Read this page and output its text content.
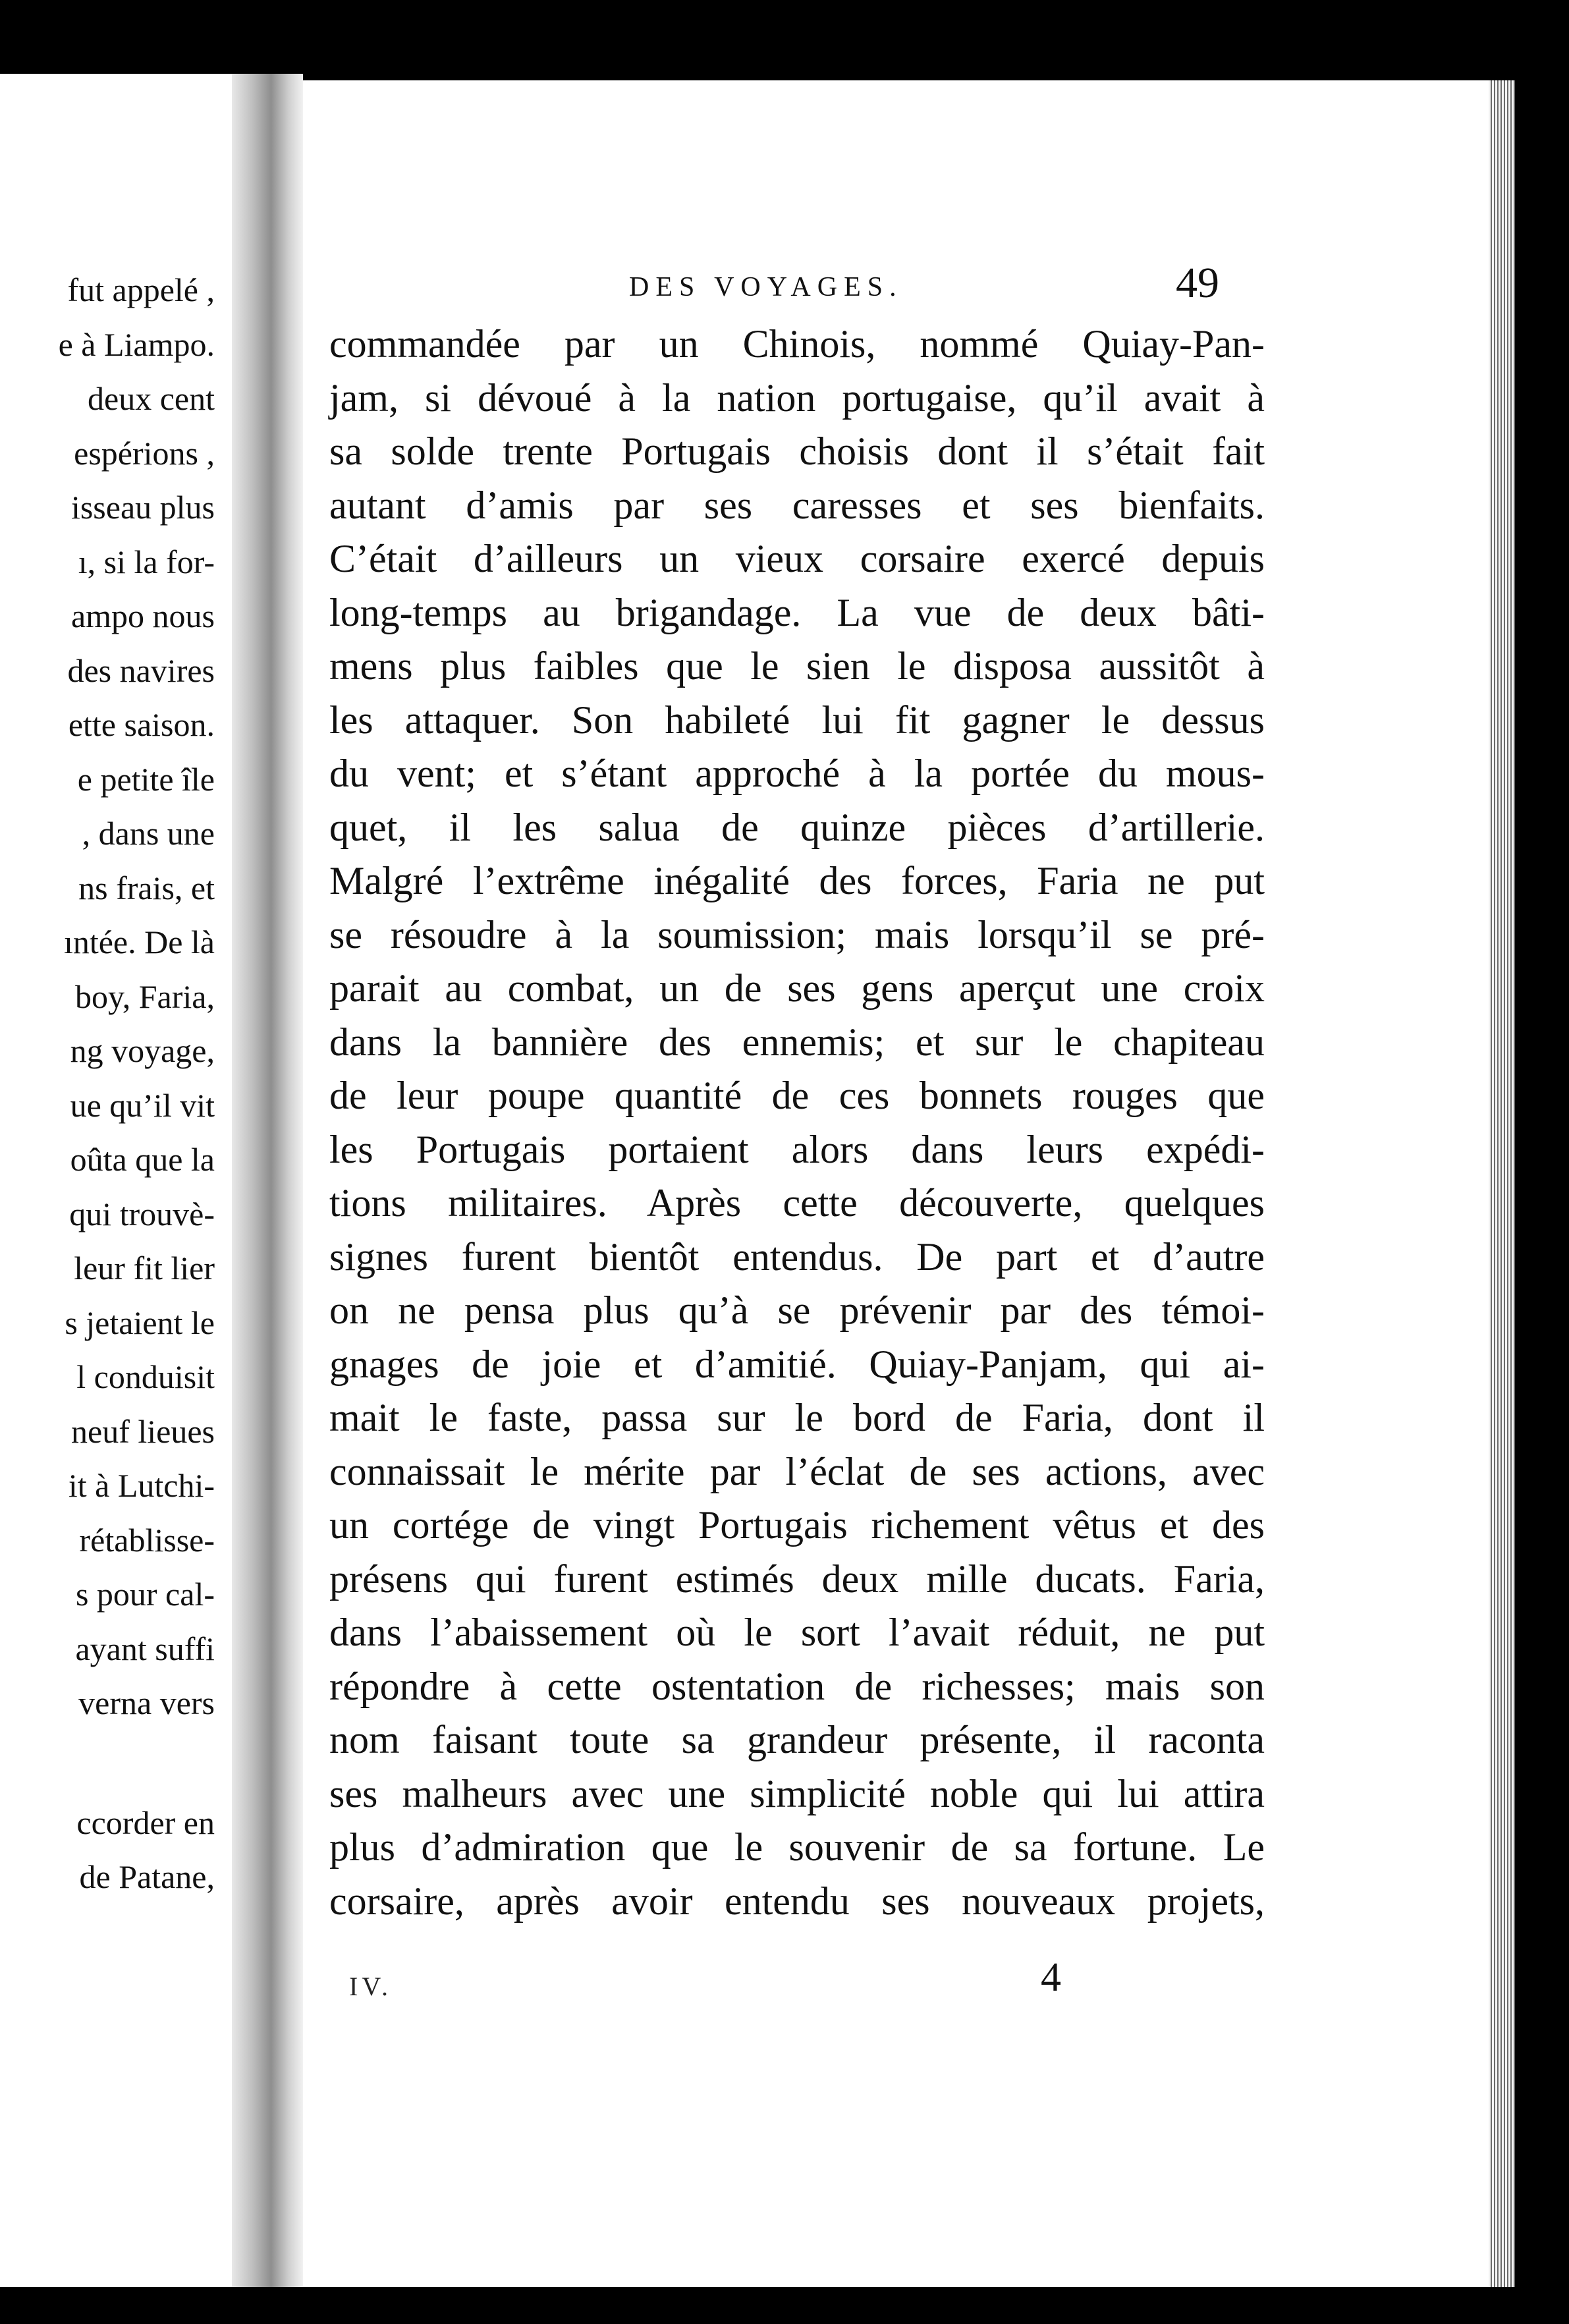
fut appelé ,
e à Liampo.
deux cent
espérions ,
isseau plus
ı, si la for-
ampo nous
des navires
ette saison.
e petite île
, dans une
ns frais, et
ıntée. De là
boy, Faria,
ng voyage,
ue qu’il vit
oûta que la
qui trouvè-
leur fit lier
s jetaient le
l conduisit
neuf lieues
it à Lutchi-
rétablisse-
s pour cal-
ayant suffi
verna vers
ccorder en
de Patane,
DES VOYAGES.	49
commandée par un Chinois, nommé Quiay-Pan-
jam, si dévoué à la nation portugaise, qu’il avait à
sa solde trente Portugais choisis dont il s’était fait
autant d’amis par ses caresses et ses bienfaits.
C’était d’ailleurs un vieux corsaire exercé depuis
long-temps au brigandage. La vue de deux bâti-
mens plus faibles que le sien le disposa aussitôt à
les attaquer. Son habileté lui fit gagner le dessus
du vent; et s’étant approché à la portée du mous-
quet, il les salua de quinze pièces d’artillerie.
Malgré l’extrême inégalité des forces, Faria ne put
se résoudre à la soumission; mais lorsqu’il se pré-
parait au combat, un de ses gens aperçut une croix
dans la bannière des ennemis; et sur le chapiteau
de leur poupe quantité de ces bonnets rouges que
les Portugais portaient alors dans leurs expédi-
tions militaires. Après cette découverte, quelques
signes furent bientôt entendus. De part et d’autre
on ne pensa plus qu’à se prévenir par des témoi-
gnages de joie et d’amitié. Quiay-Panjam, qui ai-
mait le faste, passa sur le bord de Faria, dont il
connaissait le mérite par l’éclat de ses actions, avec
un cortége de vingt Portugais richement vêtus et des
présens qui furent estimés deux mille ducats. Faria,
dans l’abaissement où le sort l’avait réduit, ne put
répondre à cette ostentation de richesses; mais son
nom faisant toute sa grandeur présente, il raconta
ses malheurs avec une simplicité noble qui lui attira
plus d’admiration que le souvenir de sa fortune. Le
corsaire, après avoir entendu ses nouveaux projets,
IV.	4
